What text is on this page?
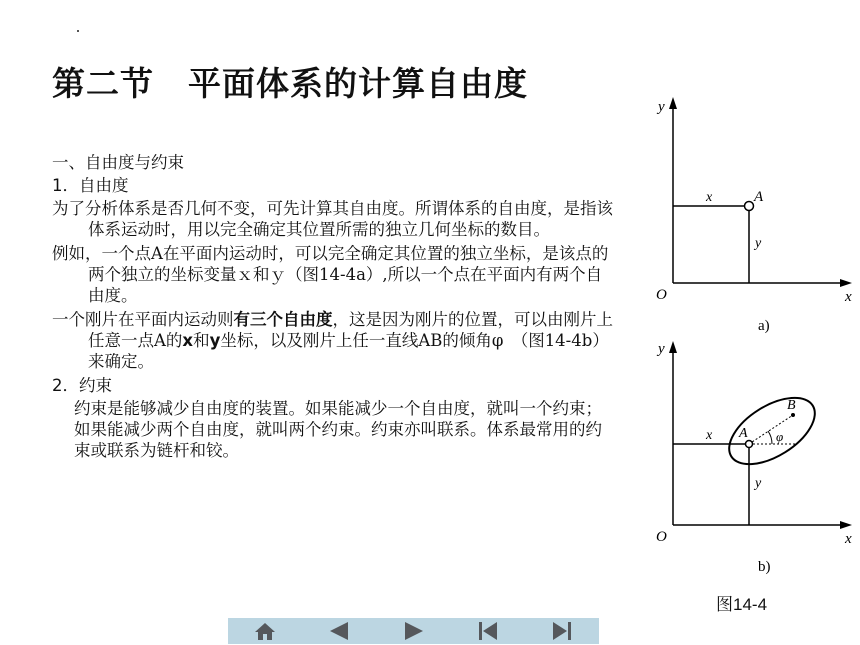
第二节　平面体系的计算自由度

一、自由度与约束

1．自由度

为了分析体系是否几何不变，可先计算其自由度。所谓体系的自由度，是指该体系运动时，用以完全确定其位置所需的独立几何坐标的数目。

例如，一个点A在平面内运动时，可以完全确定其位置的独立坐标，是该点的两个独立的坐标变量ｘ和ｙ（图14-4a）,所以一个点在平面内有两个自由度。

一个刚片在平面内运动则有三个自由度，这是因为刚片的位置，可以由刚片上任意一点A的x和y坐标，以及刚片上任一直线AB的倾角φ　（图14-4b）来确定。

2．约束

约束是能够减少自由度的装置。如果能减少一个自由度，就叫一个约束；如果能减少两个自由度，就叫两个约束。约束亦叫联系。体系最常用的约束或联系为链杆和铰。

y
x
O
A
x
y
a)
y
x
O
A
B
φ
x
y
b)
图14-4
